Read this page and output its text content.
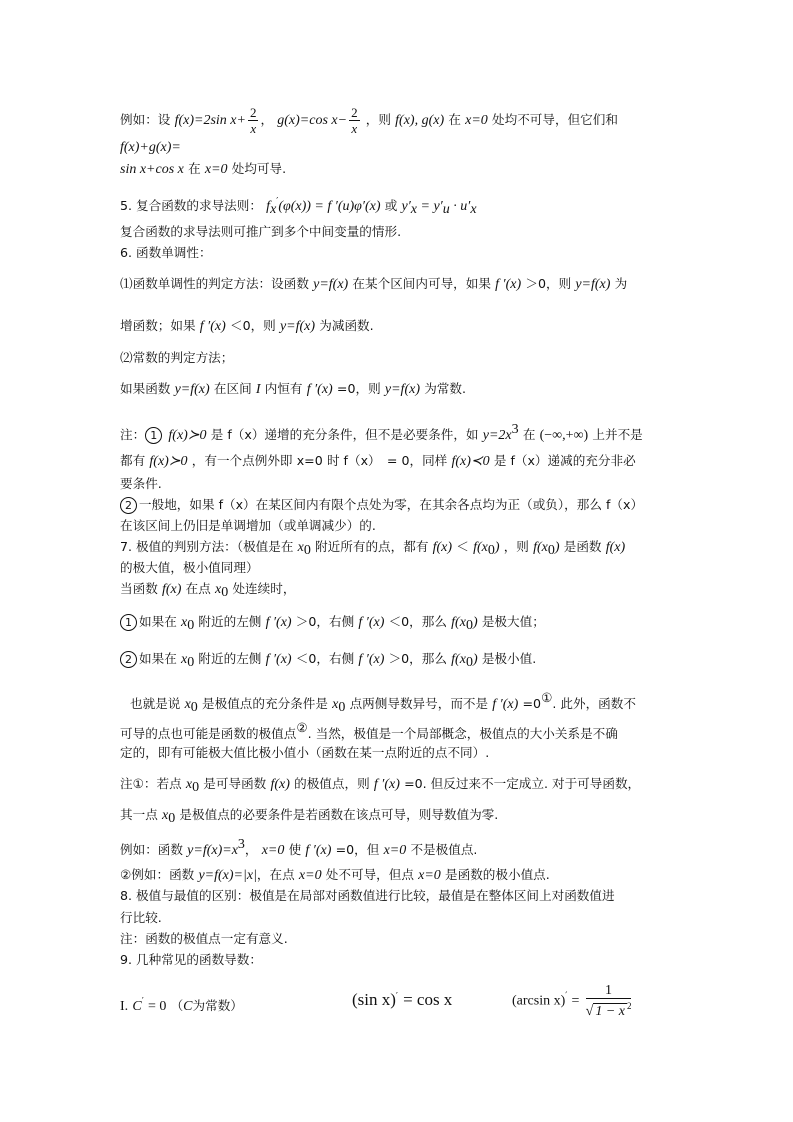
例如：设 f(x)=2sin $x+ \frac{2}{x}$ ， g(x)=cos $x- \frac{2}{x}$ ，则 f(x), g(x) 在 x=0 处均不可导，但它们和
f(x)+g(x)=
sin x+cos x 在 x=0 处均可导.
5. 复合函数的求导法则： $f_x'(\varphi(x)) = f$ ′(u)φ′(x) 或 $y'_x = y'_u \cdot u'_x$
复合函数的求导法则可推广到多个中间变量的情形.
6. 函数单调性：
⑴函数单调性的判定方法：设函数 y=f(x) 在某个区间内可导，如果 f ′(x) ＞0，则 y=f(x) 为
增函数；如果 f ′(x) ＜0，则 y=f(x) 为减函数.
⑵常数的判定方法；
如果函数 y=f(x) 在区间 I 内恒有 f ′(x) =0，则 y=f(x) 为常数.
注： 1 f(x)≻0 是 f（x）递增的充分条件，但不是必要条件，如 $y=2x^3$ 在 (−∞,+∞) 上并不是
都有 f(x)≻0 ，有一个点例外即 x=0 时 f（x）　= 0，同样 f(x)≺0 是 f（x）递减的充分非必
要条件.
2 一般地，如果 f（x）在某区间内有限个点处为零，在其余各点均为正（或负），那么 f（x）
在该区间上仍旧是单调增加（或单调减少）的.
7. 极值的判别方法：（极值是在 $x_0$ 附近所有的点，都有 $f(x) < f(x_0)$ ，则 $f(x_0)$ 是函数 f(x)
的极大值，极小值同理）
当函数 f(x) 在点 $x_0$ 处连续时，
1 如果在 $x_0$ 附近的左侧 f ′(x) ＞0，右侧 f ′(x) ＜0，那么 $f(x_0)$ 是极大值；
2 如果在 $x_0$ 附近的左侧 f ′(x) ＜0，右侧 f ′(x) ＞0，那么 $f(x_0)$ 是极小值.
也就是说 $x_0$ 是极值点的充分条件是 $x_0$ 点两侧导数异号，而不是 f ′(x) =0①. 此外，函数不
可导的点也可能是函数的极值点②. 当然，极值是一个局部概念，极值点的大小关系是不确
定的，即有可能极大值比极小值小（函数在某一点附近的点不同）.
注①：若点 $x_0$ 是可导函数 f(x) 的极值点，则 f ′(x) =0. 但反过来不一定成立. 对于可导函数，
其一点 $x_0$ 是极值点的必要条件是若函数在该点可导，则导数值为零.
例如：函数 $y=f(x)=x^3$， x=0 使 f ′(x) =0，但 x=0 不是极值点.
②例如：函数 y=f(x)=|x|，在点 x=0 处不可导，但点 x=0 是函数的极小值点.
8. 极值与最值的区别：极值是在局部对函数值进行比较，最值是在整体区间上对函数值进
行比较.
注：函数的极值点一定有意义.
9. 几种常见的函数导数：
I. C′ = 0 （C为常数）	(sin x)′ = cos x	(arcsin $x)' = \frac{1}{√ 1 - x ^2}$
